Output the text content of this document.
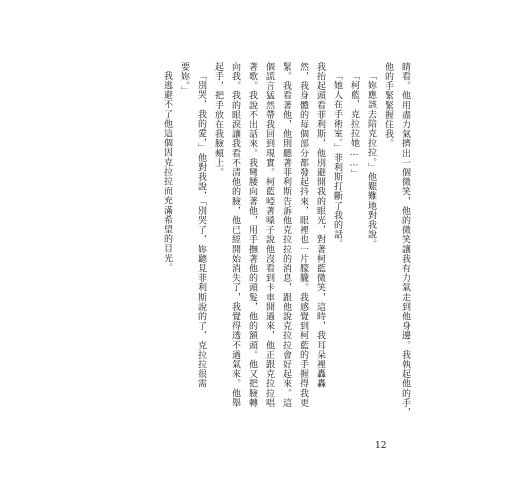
睛看。他用盡力氣擠出一個微笑，他的微笑讓我有力氣走到他身邊。我執起他的手，
他的手緊緊握住我。
「妳應該去陪克拉拉。」他艱難地對我說。
「柯藍，克拉拉她……」
「她人在手術室。」菲利斯打斷了我的話。
我抬起頭看菲利斯，他別避開我的眼光，對著柯藍微笑，這時，我耳朵裡轟轟
然，我身體的每個部分都發起抖來，眼裡也一片朦朧。我感覺到柯藍的手握得我更
緊。我看著他，他則聽著菲利斯告訴他克拉拉的消息，跟他說克拉拉會好起來。這
個謊言猛然帶我回到現實。柯藍啞著嗓子說他沒看到卡車開過來，他正跟克拉拉唱
著歌。我說不出話來。我彎腰向著他，用手撫著他的頭髮，他的額頭。他又把臉轉
向我。我的眼淚讓我看不清他的臉，他已經開始消失了，我覺得透不過氣來。他舉
起手，把手放在我臉頰上。
「別哭，我的愛，」他對我說，「別哭了，妳聽見菲利斯說的了，克拉拉很需
要妳。」
我逃避不了他這個因克拉拉而充滿希望的目光。
12
